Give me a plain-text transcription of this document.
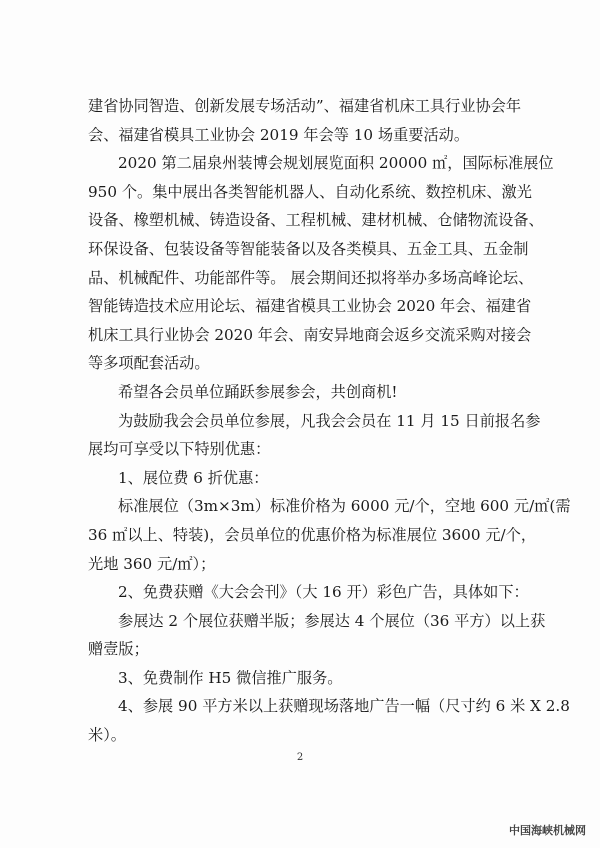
建省协同智造、创新发展专场活动”、福建省机床工具行业协会年
会、福建省模具工业协会 2019 年会等 10 场重要活动。
2020 第二届泉州装博会规划展览面积 20000 ㎡，国际标准展位
950 个。集中展出各类智能机器人、自动化系统、数控机床、激光
设备、橡塑机械、铸造设备、工程机械、建材机械、仓储物流设备、
环保设备、包装设备等智能装备以及各类模具、五金工具、五金制
品、机械配件、功能部件等。 展会期间还拟将举办多场高峰论坛、
智能铸造技术应用论坛、福建省模具工业协会 2020 年会、福建省
机床工具行业协会 2020 年会、南安异地商会返乡交流采购对接会
等多项配套活动。
希望各会员单位踊跃参展参会，共创商机!
为鼓励我会会员单位参展，凡我会会员在 11 月 15 日前报名参
展均可享受以下特别优惠：
1、展位费 6 折优惠：
标准展位（3m×3m）标准价格为 6000 元/个，空地 600 元/㎡(需
36 ㎡以上、特装)，会员单位的优惠价格为标准展位 3600 元/个，
光地 360 元/㎡）；
2、免费获赠《大会会刊》（大 16 开）彩色广告，具体如下：
参展达 2 个展位获赠半版；参展达 4 个展位（36 平方）以上获
赠壹版；
3、免费制作 H5 微信推广服务。
4、参展 90 平方米以上获赠现场落地广告一幅（尺寸约 6 米 X 2.8
米）。
2
中国海峡机械网
